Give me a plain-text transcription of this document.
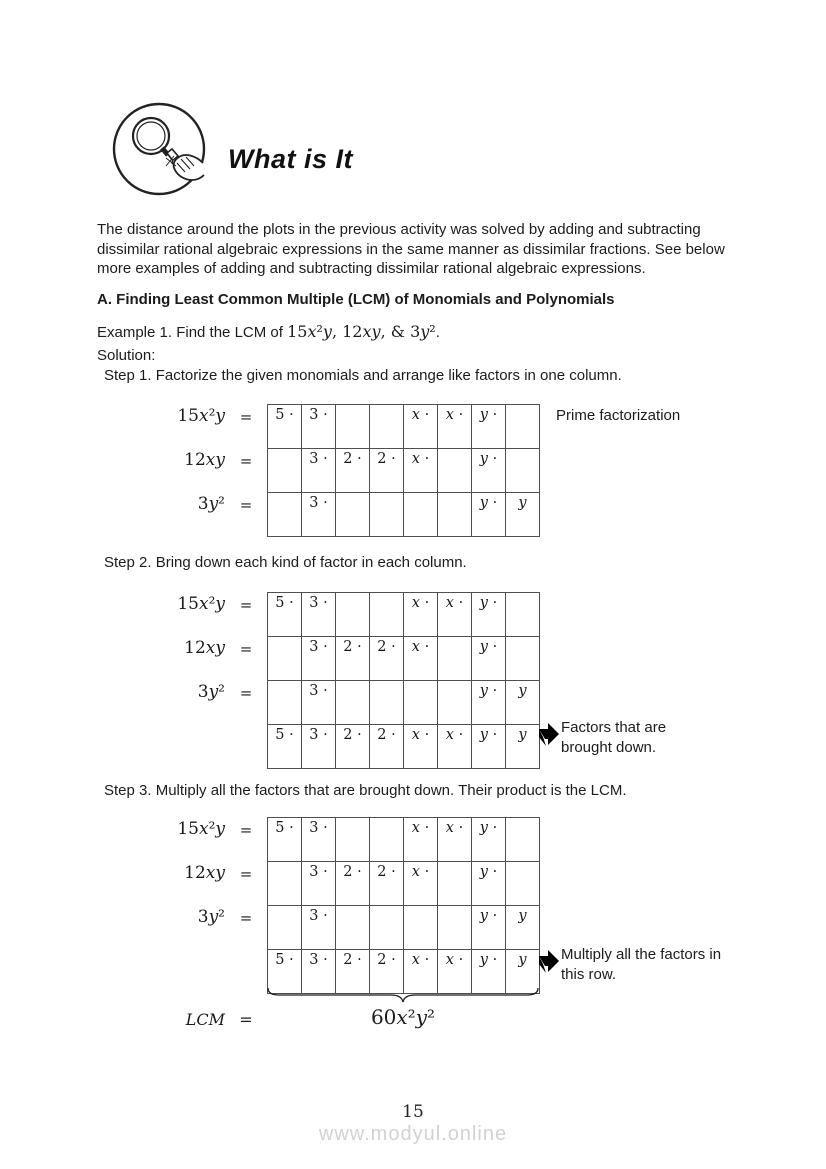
What is It
The distance around the plots in the previous activity was solved by adding and subtracting dissimilar rational algebraic expressions in the same manner as dissimilar fractions. See below more examples of adding and subtracting dissimilar rational algebraic expressions.
A. Finding Least Common Multiple (LCM) of Monomials and Polynomials
Example 1. Find the LCM of 15x²y, 12xy, & 3y².
Solution:
Step 1. Factorize the given monomials and arrange like factors in one column.
15x²y	=	5 ·	3 ·			x ·	x ·	y ·	
12xy	=		3 ·	2 ·	2 ·	x ·		y ·	
3y²	=		3 ·					y ·	y
Prime factorization
Step 2. Bring down each kind of factor in each column.
15x²y	=	5 ·	3 ·			x ·	x ·	y ·	
12xy	=		3 ·	2 ·	2 ·	x ·		y ·	
3y²	=		3 ·					y ·	y
		5 ·	3 ·	2 ·	2 ·	x ·	x ·	y ·	y Factors that are
brought down.
Step 3. Multiply all the factors that are brought down. Their product is the LCM.
15x²y	=	5 ·	3 ·			x ·	x ·	y ·	
12xy	=		3 ·	2 ·	2 ·	x ·		y ·	
3y²	=		3 ·					y ·	y
		5 ·	3 ·	2 ·	2 ·	x ·	x ·	y ·	y Multiply all the factors in
this row.
LCM =	60x²y²
15
www.modyul.online
